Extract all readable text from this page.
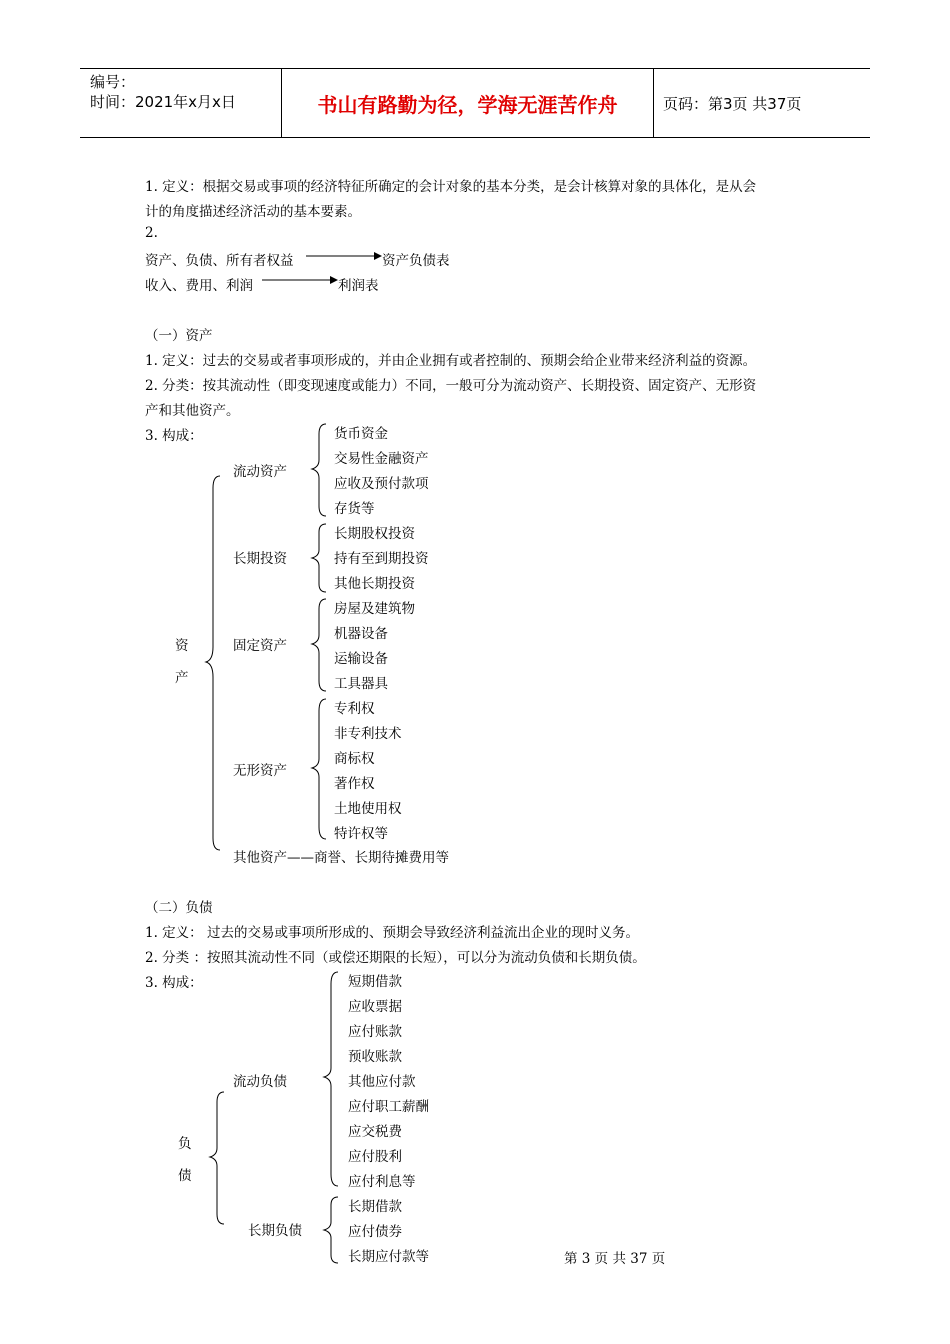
编号：
时间：2021年x月x日	书山有路勤为径，学海无涯苦作舟	页码：第3页 共37页
1. 定义：根据交易或事项的经济特征所确定的会计对象的基本分类，是会计核算对象的具体化，是从会
计的角度描述经济活动的基本要素。
2.
资产、负债、所有者权益	资产负债表
收入、费用、利润	利润表
（一）资产
1. 定义：过去的交易或者事项形成的，并由企业拥有或者控制的、预期会给企业带来经济利益的资源。
2. 分类：按其流动性（即变现速度或能力）不同，一般可分为流动资产、长期投资、固定资产、无形资
产和其他资产。
3. 构成：
资
产
流动资产
货币资金
交易性金融资产
应收及预付款项
存货等
长期投资
长期股权投资
持有至到期投资
其他长期投资
固定资产
房屋及建筑物
机器设备
运输设备
工具器具
无形资产
专利权
非专利技术
商标权
著作权
土地使用权
特许权等
其他资产——商誉、长期待摊费用等
（二）负债
1. 定义： 过去的交易或事项所形成的、预期会导致经济利益流出企业的现时义务。
2. 分类 ：按照其流动性不同（或偿还期限的长短），可以分为流动负债和长期负债。
3. 构成：
负
债
流动负债
短期借款
应收票据
应付账款
预收账款
其他应付款
应付职工薪酬
应交税费
应付股利
应付利息等
长期负债
长期借款
应付债券
长期应付款等	第 3 页 共 37 页
